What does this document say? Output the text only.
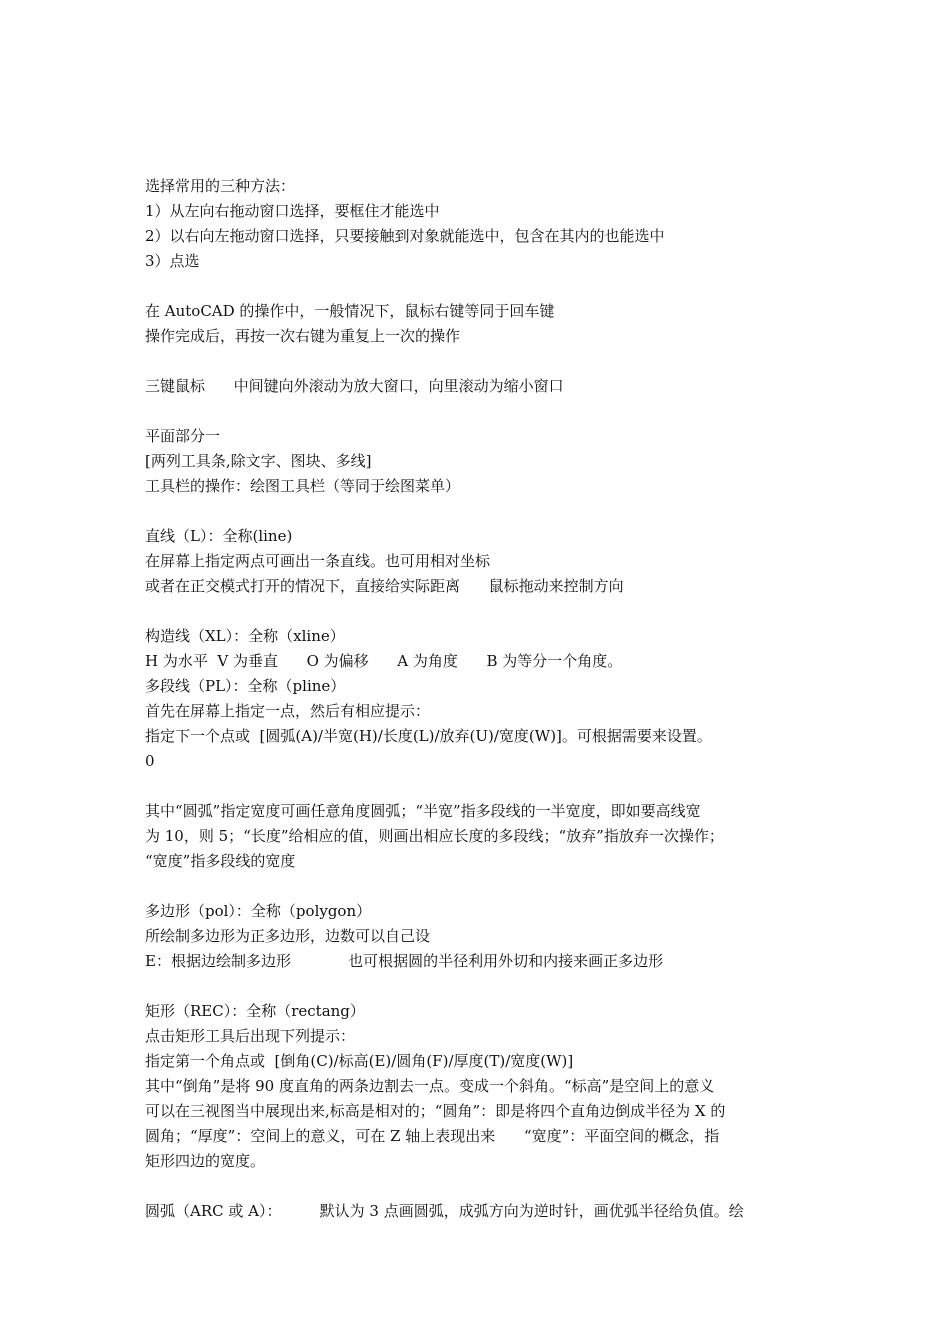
选择常用的三种方法：
1）从左向右拖动窗口选择，要框住才能选中
2）以右向左拖动窗口选择，只要接触到对象就能选中，包含在其内的也能选中
3）点选
在 AutoCAD 的操作中，一般情况下，鼠标右键等同于回车键
操作完成后，再按一次右键为重复上一次的操作
三键鼠标      中间键向外滚动为放大窗口，向里滚动为缩小窗口
平面部分一
[两列工具条,除文字、图块、多线]
工具栏的操作：绘图工具栏（等同于绘图菜单）
直线（L）：全称(line)
在屏幕上指定两点可画出一条直线。也可用相对坐标
或者在正交模式打开的情况下，直接给实际距离      鼠标拖动来控制方向
构造线（XL）：全称（xline）
H 为水平  V 为垂直      O 为偏移      A 为角度      B 为等分一个角度。
多段线（PL）：全称（pline）
首先在屏幕上指定一点，然后有相应提示：
指定下一个点或  [圆弧(A)/半宽(H)/长度(L)/放弃(U)/宽度(W)]。可根据需要来设置。
0
其中“圆弧”指定宽度可画任意角度圆弧；“半宽”指多段线的一半宽度，即如要高线宽
为 10，则 5；“长度”给相应的值，则画出相应长度的多段线；“放弃”指放弃一次操作；
“宽度”指多段线的宽度
多边形（pol）：全称（polygon）
所绘制多边形为正多边形，边数可以自己设
E：根据边绘制多边形            也可根据圆的半径利用外切和内接来画正多边形
矩形（REC）：全称（rectang）
点击矩形工具后出现下列提示：
指定第一个角点或  [倒角(C)/标高(E)/圆角(F)/厚度(T)/宽度(W)]
其中“倒角”是将 90 度直角的两条边割去一点。变成一个斜角。“标高”是空间上的意义
可以在三视图当中展现出来,标高是相对的；“圆角”：即是将四个直角边倒成半径为 X 的
圆角；“厚度”：空间上的意义，可在 Z 轴上表现出来      “宽度”：平面空间的概念，指
矩形四边的宽度。
圆弧（ARC 或 A）：        默认为 3 点画圆弧，成弧方向为逆时针，画优弧半径给负值。绘
